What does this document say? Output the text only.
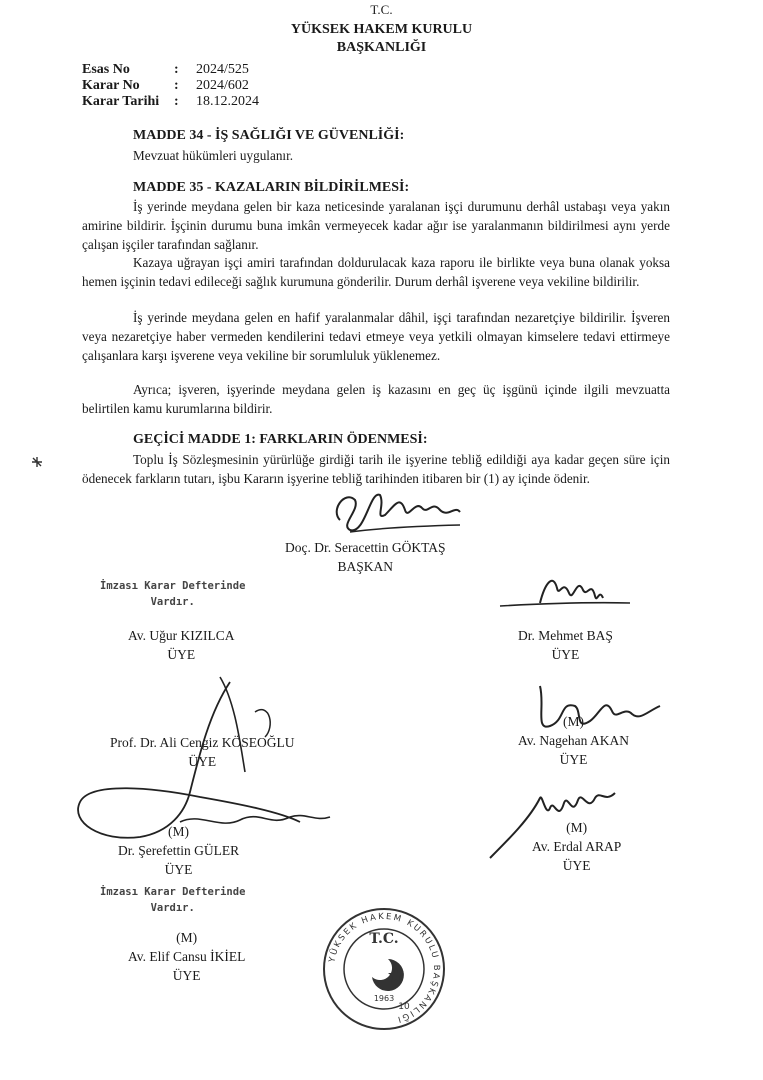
T.C.
YÜKSEK HAKEM KURULU
BAŞKANLIĞI
Esas No	: 2024/525
Karar No : 2024/602
Karar Tarihi : 18.12.2024
MADDE 34 - İŞ SAĞLIĞI VE GÜVENLİĞİ:
Mevzuat hükümleri uygulanır.
MADDE 35 - KAZALARIN BİLDİRİLMESİ:
İş yerinde meydana gelen bir kaza neticesinde yaralanan işçi durumunu derhâl ustabaşı veya yakın amirine bildirir. İşçinin durumu buna imkân vermeyecek kadar ağır ise yaralanmanın bildirilmesi aynı yerde çalışan işçiler tarafından sağlanır.
Kazaya uğrayan işçi amiri tarafından doldurulacak kaza raporu ile birlikte veya buna olanak yoksa hemen işçinin tedavi edileceği sağlık kurumuna gönderilir. Durum derhâl işverene veya vekiline bildirilir.
İş yerinde meydana gelen en hafif yaralanmalar dâhil, işçi tarafından nezaretçiye bildirilir. İşveren veya nezaretçiye haber vermeden kendilerini tedavi etmeye veya yetkili olmayan kimselere tedavi ettirmeye çalışanlara karşı işverene veya vekiline bir sorumluluk yüklenemez.
Ayrıca; işveren, işyerinde meydana gelen iş kazasını en geç üç işgünü içinde ilgili mevzuatta belirtilen kamu kurumlarına bildirir.
GEÇİCİ MADDE 1: FARKLARIN ÖDENMESİ:
Toplu İş Sözleşmesinin yürürlüğe girdiği tarih ile işyerine tebliğ edildiği aya kadar geçen süre için ödenecek farkların tutarı, işbu Kararın işyerine tebliğ tarihinden itibaren bir (1) ay içinde ödenir.
Doç. Dr. Seracettin GÖKTAŞ
BAŞKAN
İmzası Karar Defterinde
Vardır.
Av. Uğur KIZILCA
ÜYE
Dr. Mehmet BAŞ
ÜYE
Prof. Dr. Ali Cengiz KÖSEOĞLU
ÜYE
(M)
Av. Nagehan AKAN
ÜYE
(M)
Dr. Şerefettin GÜLER
ÜYE
(M)
Av. Erdal ARAP
ÜYE
İmzası Karar Defterinde
Vardır.
(M)
Av. Elif Cansu İKİEL
ÜYE
YÜKSEK HAKEM KURULU BAŞKANLIĞI
T.C.
1963
10
